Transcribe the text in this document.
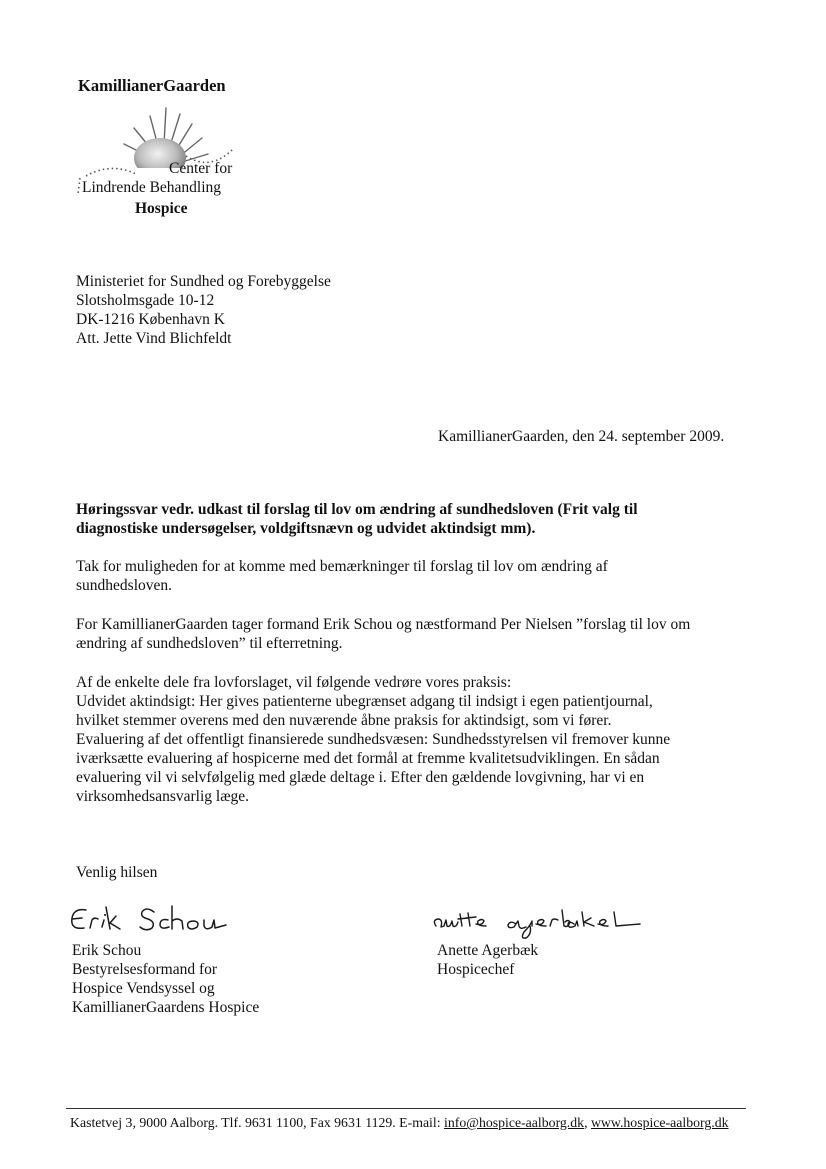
KamillianerGaarden
Center for
Lindrende Behandling
Hospice
Ministeriet for Sundhed og Forebyggelse
Slotsholmsgade 10-12
DK-1216 København K
Att. Jette Vind Blichfeldt
KamillianerGaarden, den 24. september 2009.
Høringssvar vedr. udkast til forslag til lov om ændring af sundhedsloven (Frit valg til
diagnostiske undersøgelser, voldgiftsnævn og udvidet aktindsigt mm).
Tak for muligheden for at komme med bemærkninger til forslag til lov om ændring af
sundhedsloven.
For KamillianerGaarden tager formand Erik Schou og næstformand Per Nielsen ”forslag til lov om
ændring af sundhedsloven” til efterretning.
Af de enkelte dele fra lovforslaget, vil følgende vedrøre vores praksis:
Udvidet aktindsigt: Her gives patienterne ubegrænset adgang til indsigt i egen patientjournal,
hvilket stemmer overens med den nuværende åbne praksis for aktindsigt, som vi fører.
Evaluering af det offentligt finansierede sundhedsvæsen: Sundhedsstyrelsen vil fremover kunne
iværksætte evaluering af hospicerne med det formål at fremme kvalitetsudviklingen. En sådan
evaluering vil vi selvfølgelig med glæde deltage i. Efter den gældende lovgivning, har vi en
virksomhedsansvarlig læge.
Venlig hilsen
Erik Schou
Bestyrelsesformand for
Hospice Vendsyssel og
KamillianerGaardens Hospice
Anette Agerbæk
Hospicechef
Kastetvej 3, 9000 Aalborg. Tlf. 9631 1100, Fax 9631 1129. E-mail: info@hospice-aalborg.dk, www.hospice-aalborg.dk
